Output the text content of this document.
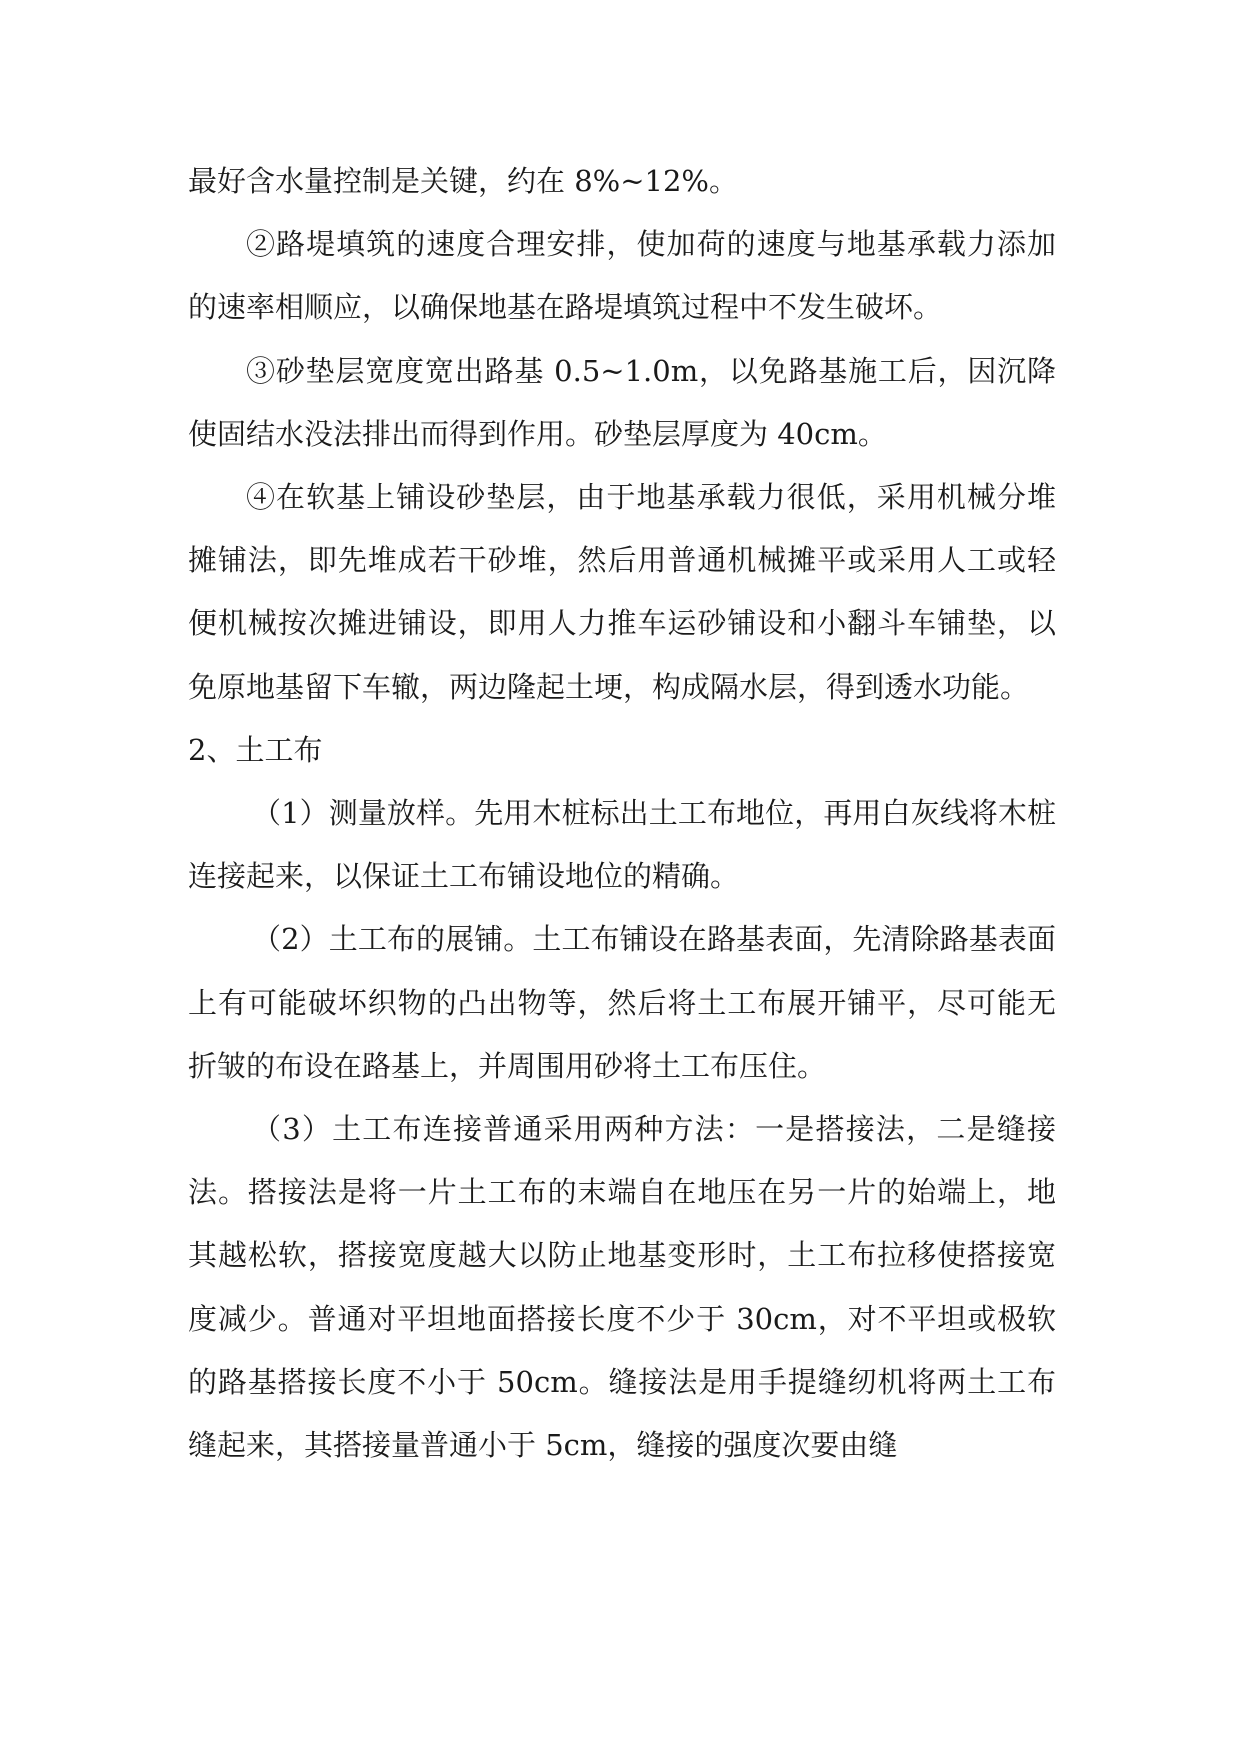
最好含水量控制是关键，约在 8%~12%。

②路堤填筑的速度合理安排，使加荷的速度与地基承载力添加的速率相顺应，以确保地基在路堤填筑过程中不发生破坏。

③砂垫层宽度宽出路基 0.5~1.0m，以免路基施工后，因沉降使固结水没法排出而得到作用。砂垫层厚度为 40cm。

④在软基上铺设砂垫层，由于地基承载力很低，采用机械分堆摊铺法，即先堆成若干砂堆，然后用普通机械摊平或采用人工或轻便机械按次摊进铺设，即用人力推车运砂铺设和小翻斗车铺垫，以免原地基留下车辙，两边隆起土埂，构成隔水层，得到透水功能。

2、土工布

（1）测量放样。先用木桩标出土工布地位，再用白灰线将木桩连接起来，以保证土工布铺设地位的精确。

（2）土工布的展铺。土工布铺设在路基表面，先清除路基表面上有可能破坏织物的凸出物等，然后将土工布展开铺平，尽可能无折皱的布设在路基上，并周围用砂将土工布压住。

（3）土工布连接普通采用两种方法：一是搭接法，二是缝接法。搭接法是将一片土工布的末端自在地压在另一片的始端上，地其越松软，搭接宽度越大以防止地基变形时，土工布拉移使搭接宽度减少。普通对平坦地面搭接长度不少于 30cm，对不平坦或极软的路基搭接长度不小于 50cm。缝接法是用手提缝纫机将两土工布缝起来，其搭接量普通小于 5cm，缝接的强度次要由缝
